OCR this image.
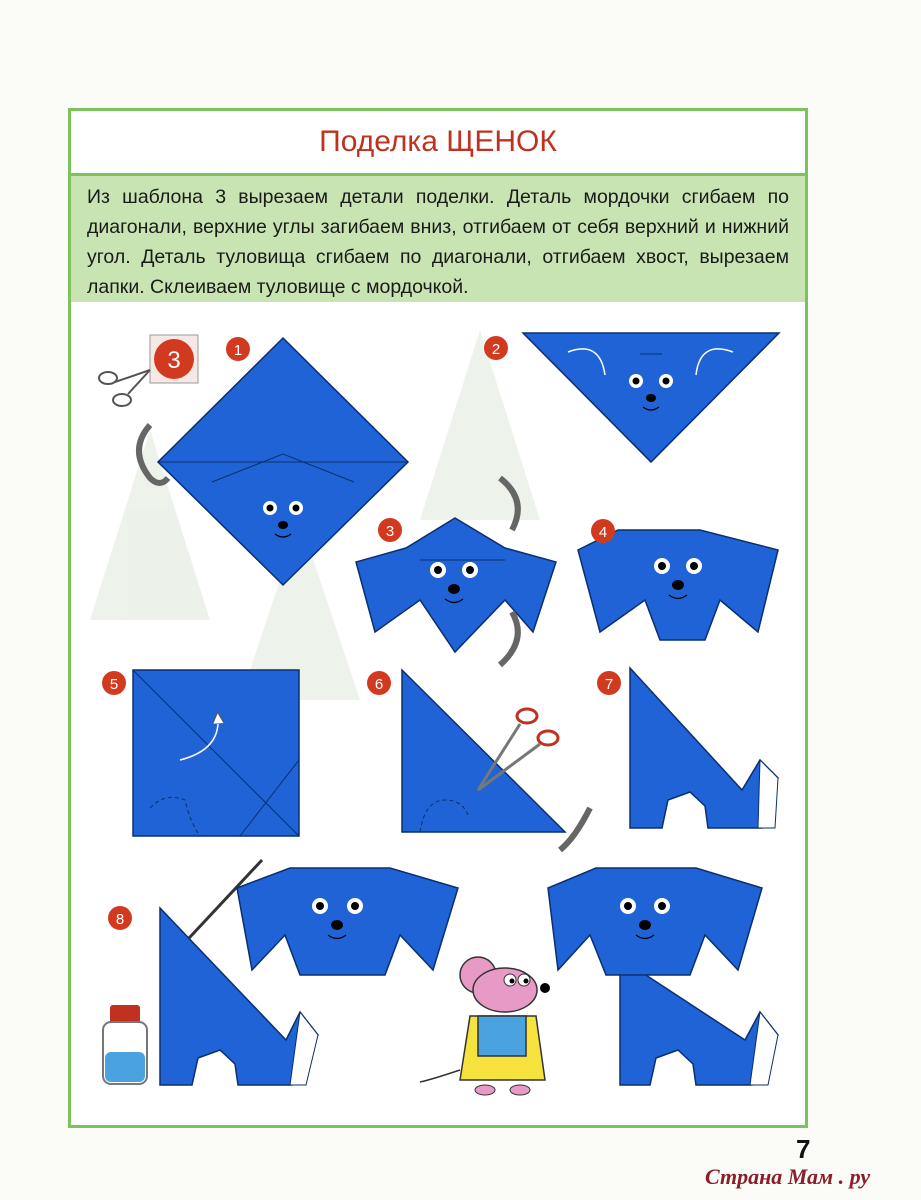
Поделка ЩЕНОК

Из шаблона 3 вырезаем детали поделки. Деталь мордочки сгибаем по диагонали, верхние углы загибаем вниз, отгибаем от себя верхний и нижний угол. Деталь туловища сгибаем по диагонали, отгибаем хвост, вырезаем лапки. Склеиваем туловище с мордочкой.

3	1	2
3	4
5	6	7
8
7
Страна Мам . ру
